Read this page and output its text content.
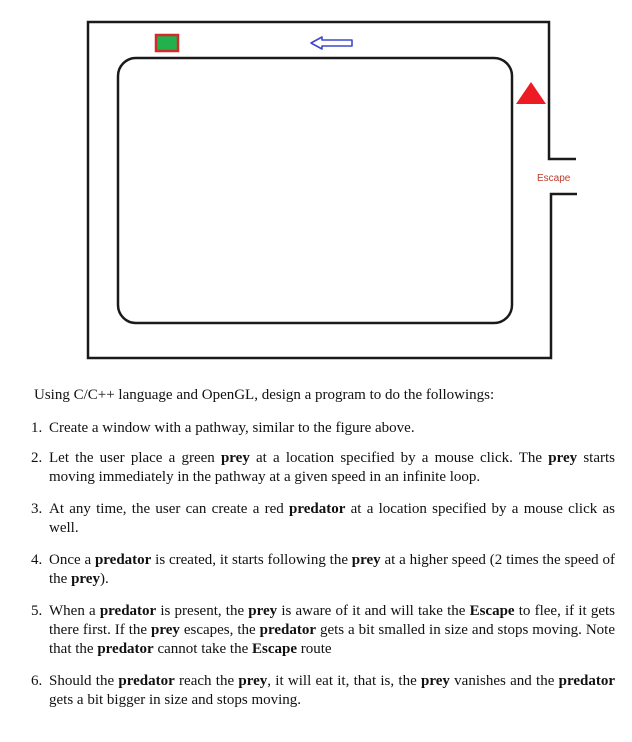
Escape

Using C/C++ language and OpenGL, design a program to do the followings:

1. Create a window with a pathway, similar to the figure above.
2. Let the user place a green prey at a location specified by a mouse click. The prey starts moving immediately in the pathway at a given speed in an infinite loop.
3. At any time, the user can create a red predator at a location specified by a mouse click as well.
4. Once a predator is created, it starts following the prey at a higher speed (2 times the speed of the prey).
5. When a predator is present, the prey is aware of it and will take the Escape to flee, if it gets there first. If the prey escapes, the predator gets a bit smalled in size and stops moving. Note that the predator cannot take the Escape route
6. Should the predator reach the prey, it will eat it, that is, the prey vanishes and the predator gets a bit bigger in size and stops moving.
